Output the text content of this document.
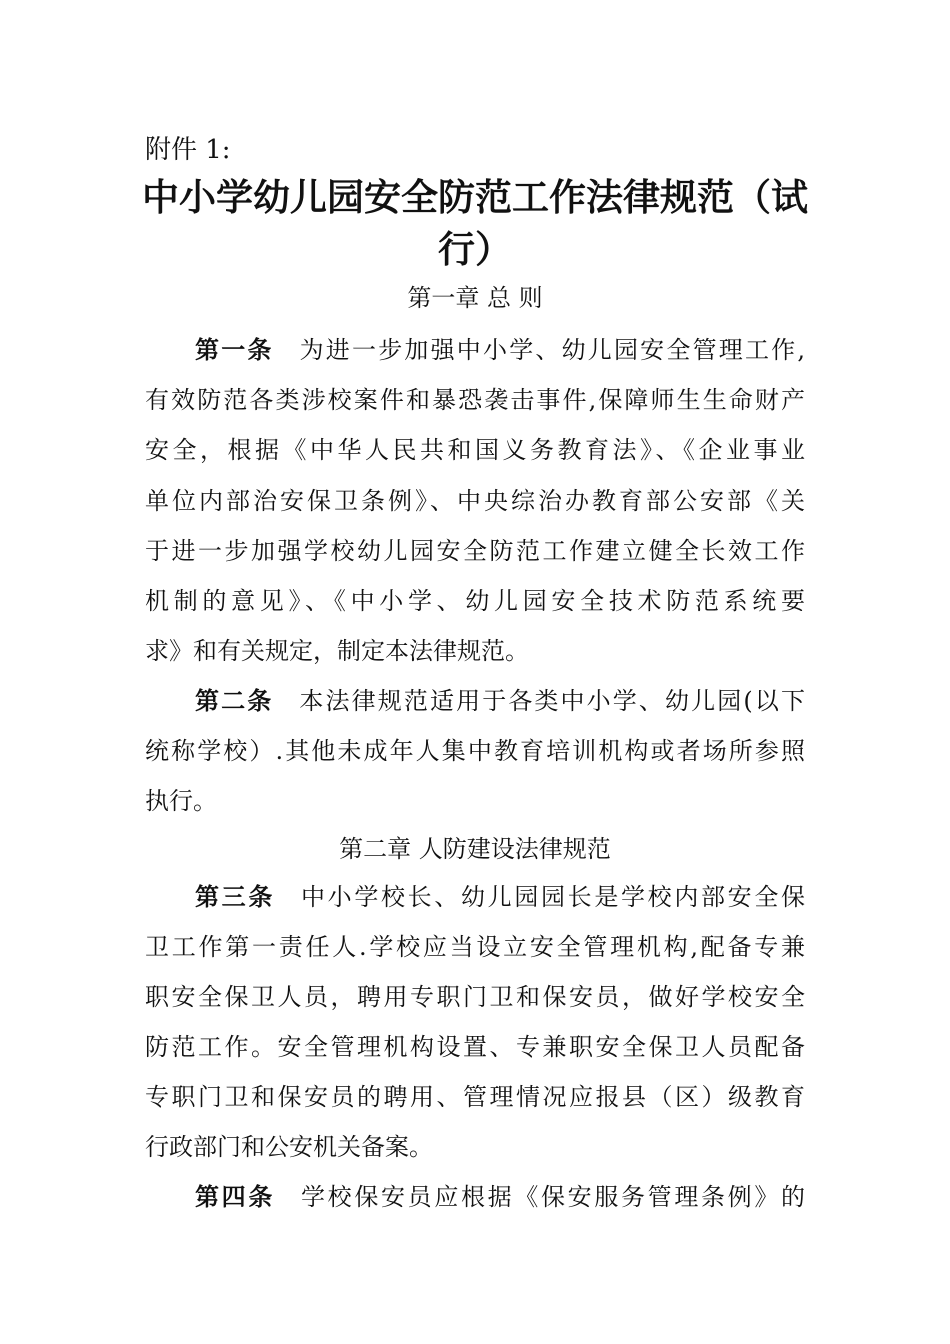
附件 1:
中小学幼儿园安全防范工作法律规范（试
行）
第一章 总 则
第一条 为进一步加强中小学、幼儿园安全管理工作,
有效防范各类涉校案件和暴恐袭击事件,保障师生生命财产
安全，根据《中华人民共和国义务教育法》、《企业事业
单位内部治安保卫条例》、中央综治办教育部公安部《关
于进一步加强学校幼儿园安全防范工作建立健全长效工作
机制的意见》、《中小学、幼儿园安全技术防范系统要
求》和有关规定，制定本法律规范。
第二条 本法律规范适用于各类中小学、幼儿园(以下
统称学校）.其他未成年人集中教育培训机构或者场所参照
执行。
第二章 人防建设法律规范
第三条 中小学校长、幼儿园园长是学校内部安全保
卫工作第一责任人.学校应当设立安全管理机构,配备专兼
职安全保卫人员，聘用专职门卫和保安员，做好学校安全
防范工作。安全管理机构设置、专兼职安全保卫人员配备
专职门卫和保安员的聘用、管理情况应报县（区）级教育
行政部门和公安机关备案。
第四条 学校保安员应根据《保安服务管理条例》的
